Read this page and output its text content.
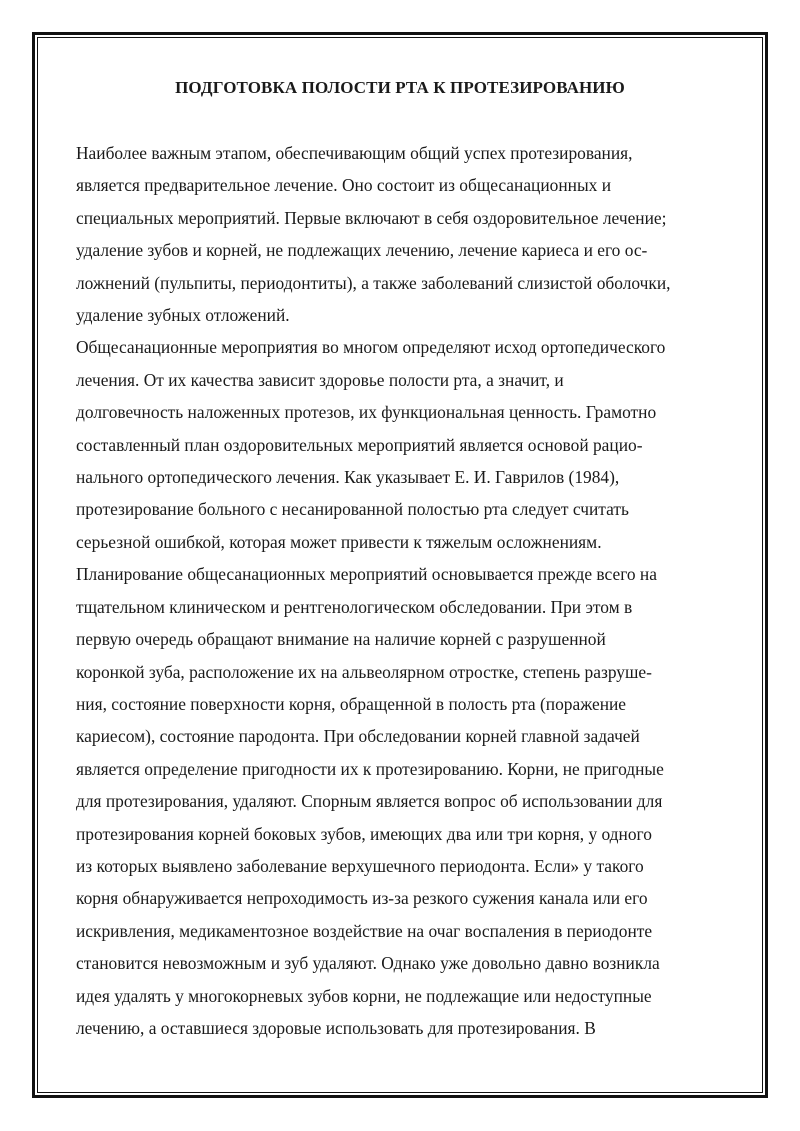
ПОДГОТОВКА ПОЛОСТИ РТА К ПРОТЕЗИРОВАНИЮ
Наиболее важным этапом, обеспечивающим общий успех протезирования,
является предварительное лечение. Оно состоит из общесанационных и
специальных мероприятий. Первые включают в себя оздоровительное лечение;
удаление зубов и корней, не подлежащих лечению, лечение кариеса и его ос-
ложнений (пульпиты, периодонтиты), а также заболеваний слизистой оболочки,
удаление зубных отложений.
Общесанационные мероприятия во многом определяют исход ортопедического
лечения. От их качества зависит здоровье полости рта, а значит, и
долговечность наложенных протезов, их функциональная ценность. Грамотно
составленный план оздоровительных мероприятий является основой рацио-
нального ортопедического лечения. Как указывает Е. И. Гаврилов (1984),
протезирование больного с несанированной полостью рта следует считать
серьезной ошибкой, которая может привести к тяжелым осложнениям.
Планирование общесанационных мероприятий основывается прежде всего на
тщательном клиническом и рентгенологическом обследовании. При этом в
первую очередь обращают внимание на наличие корней с разрушенной
коронкой зуба, расположение их на альвеолярном отростке, степень разруше-
ния, состояние поверхности корня, обращенной в полость рта (поражение
кариесом), состояние пародонта. При обследовании корней главной задачей
является определение пригодности их к протезированию. Корни, не пригодные
для протезирования, удаляют. Спорным является вопрос об использовании для
протезирования корней боковых зубов, имеющих два или три корня, у одного
из которых выявлено заболевание верхушечного периодонта. Если» у такого
корня обнаруживается непроходимость из-за резкого сужения канала или его
искривления, медикаментозное воздействие на очаг воспаления в периодонте
становится невозможным и зуб удаляют. Однако уже довольно давно возникла
идея удалять у многокорневых зубов корни, не подлежащие или недоступные
лечению, а оставшиеся здоровые использовать для протезирования. В
